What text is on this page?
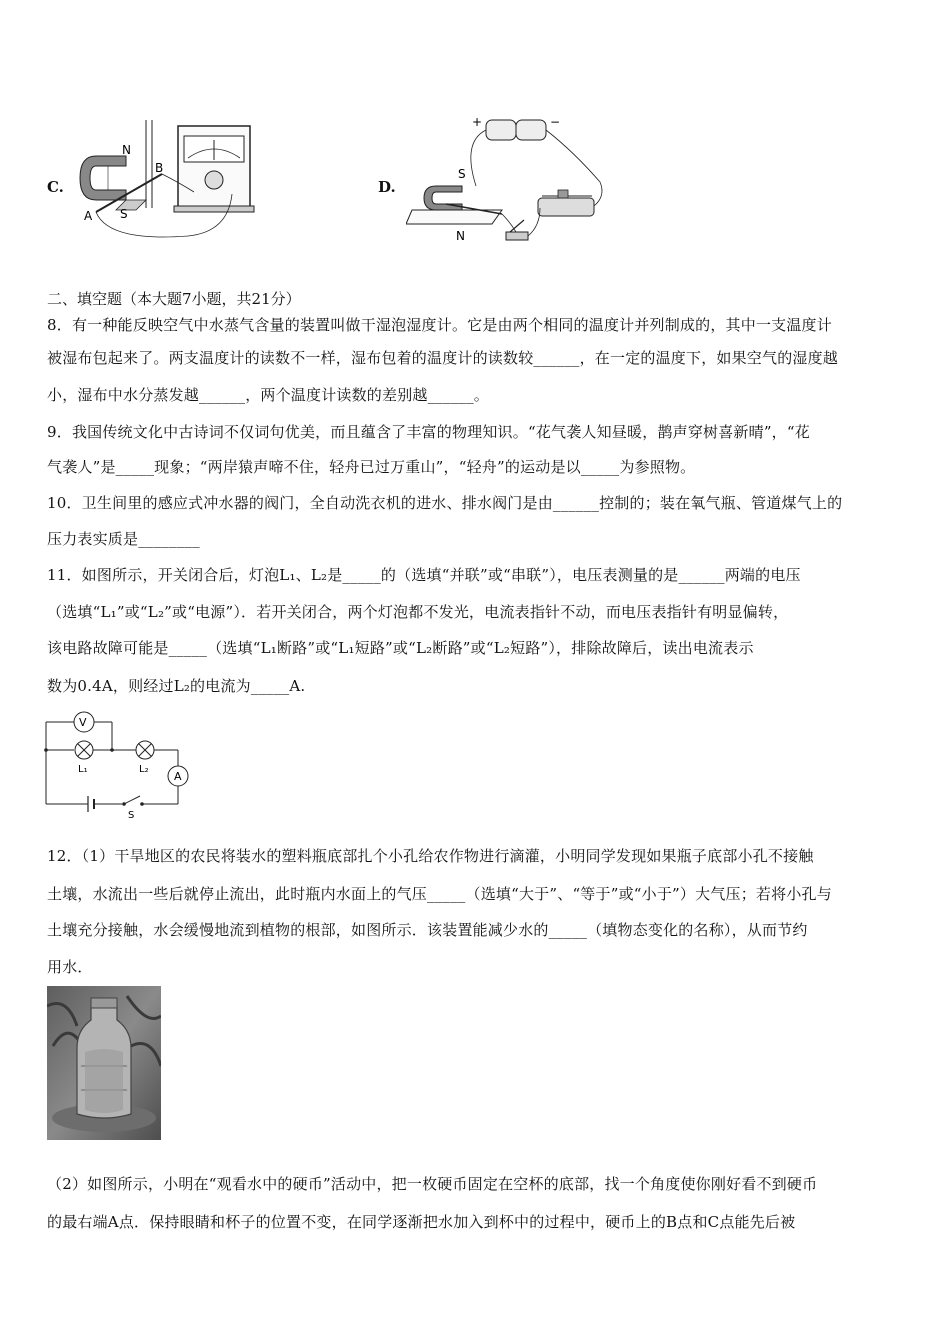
C.
N
S
A
B
D.
+	−
S
N
二、填空题（本大题7小题，共21分）
8．有一种能反映空气中水蒸气含量的装置叫做干湿泡湿度计。它是由两个相同的温度计并列制成的，其中一支温度计
被湿布包起来了。两支温度计的读数不一样，湿布包着的温度计的读数较______，在一定的温度下，如果空气的湿度越
小，湿布中水分蒸发越______，两个温度计读数的差别越______。
9．我国传统文化中古诗词不仅词句优美，而且蕴含了丰富的物理知识。“花气袭人知昼暖，鹊声穿树喜新晴”，“花
气袭人”是_____现象；“两岸猿声啼不住，轻舟已过万重山”，“轻舟”的运动是以_____为参照物。
10．卫生间里的感应式冲水器的阀门，全自动洗衣机的进水、排水阀门是由______控制的；装在氧气瓶、管道煤气上的
压力表实质是________
11．如图所示，开关闭合后，灯泡L₁、L₂是_____的（选填“并联”或“串联”），电压表测量的是______两端的电压
（选填“L₁”或“L₂”或“电源”）．若开关闭合，两个灯泡都不发光，电流表指针不动，而电压表指针有明显偏转，
该电路故障可能是_____（选填“L₁断路”或“L₁短路”或“L₂断路”或“L₂短路”），排除故障后，读出电流表示
数为0.4A，则经过L₂的电流为_____A.
V
L₁	L₂
A
S
12．（1）干旱地区的农民将装水的塑料瓶底部扎个小孔给农作物进行滴灌，小明同学发现如果瓶子底部小孔不接触
土壤，水流出一些后就停止流出，此时瓶内水面上的气压_____（选填“大于”、“等于”或“小于”）大气压；若将小孔与
土壤充分接触，水会缓慢地流到植物的根部，如图所示．该装置能减少水的_____（填物态变化的名称），从而节约
用水．
（2）如图所示，小明在“观看水中的硬币”活动中，把一枚硬币固定在空杯的底部，找一个角度使你刚好看不到硬币
的最右端A点．保持眼睛和杯子的位置不变，在同学逐渐把水加入到杯中的过程中，硬币上的B点和C点能先后被
